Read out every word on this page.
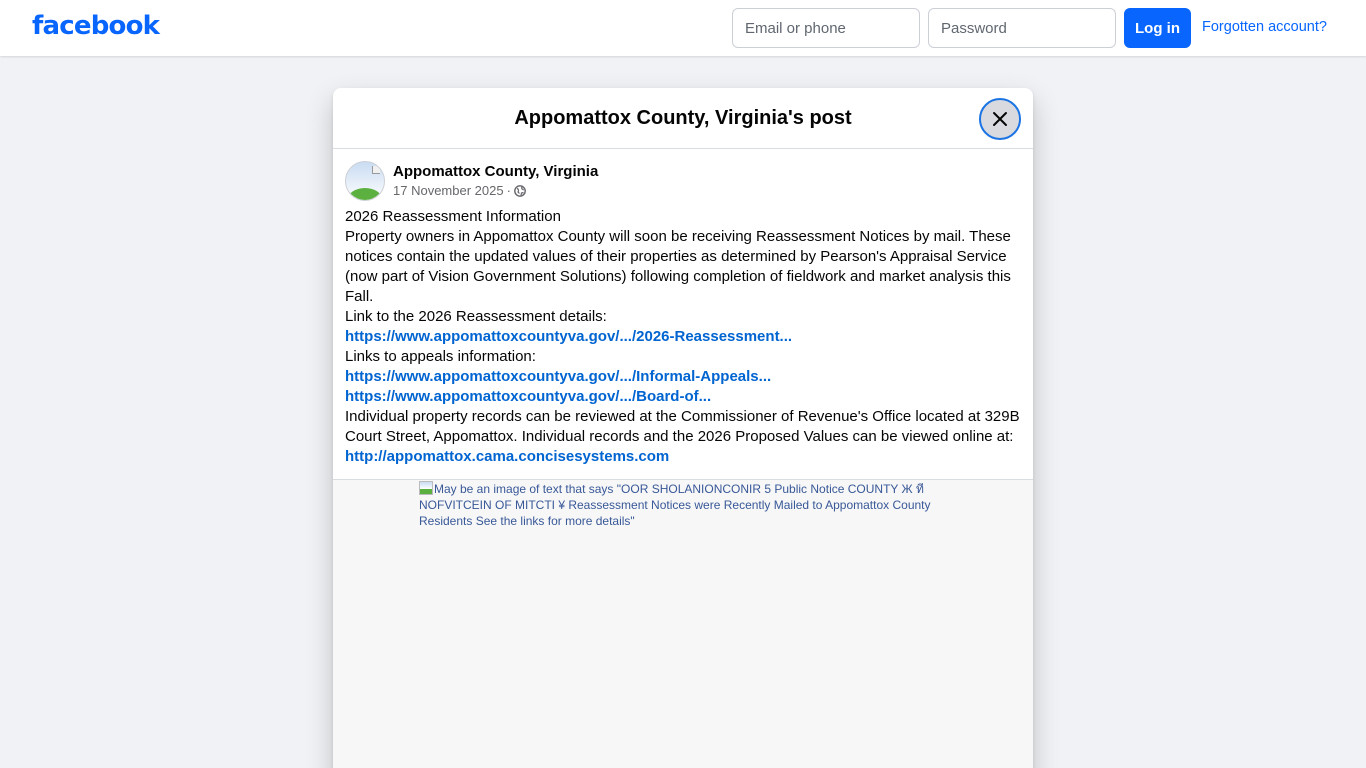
facebook
Email or phone	Log in	Forgotten account?
Appomattox County, Virginia's post
Appomattox County, Virginia
17 November 2025 ·
2026 Reassessment Information
Property owners in Appomattox County will soon be receiving Reassessment Notices by mail. These notices contain the updated values of their properties as determined by Pearson's Appraisal Service (now part of Vision Government Solutions) following completion of fieldwork and market analysis this Fall.
Link to the 2026 Reassessment details:
https://www.appomattoxcountyva.gov/.../2026-Reassessment...
Links to appeals information:
https://www.appomattoxcountyva.gov/.../Informal-Appeals...
https://www.appomattoxcountyva.gov/.../Board-of...
Individual property records can be reviewed at the Commissioner of Revenue's Office located at 329B Court Street, Appomattox. Individual records and the 2026 Proposed Values can be viewed online at:
http://appomattox.cama.concisesystems.com
May be an image of text that says "OOR SHOLANIONCONIR 5 Public Notice COUNTY Ж ที NOFVITCEIN OF MITCTI ¥ Reassessment Notices were Recently Mailed to Appomattox County Residents See the links for more details"
